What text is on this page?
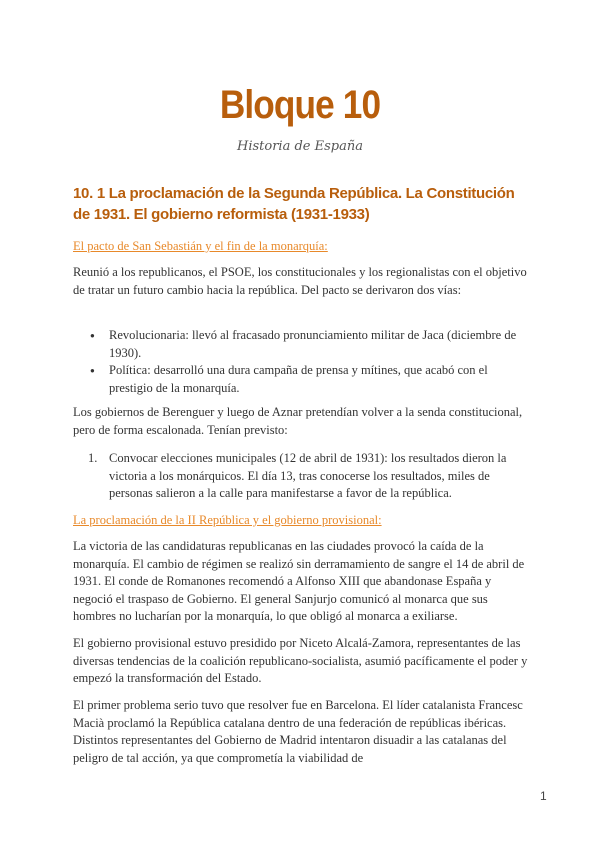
Bloque 10
Historia de España
10. 1 La proclamación de la Segunda República. La Constitución de 1931. El gobierno reformista (1931-1933)
El pacto de San Sebastián y el fin de la monarquía:

Reunió a los republicanos, el PSOE, los constitucionales y los regionalistas con el objetivo de tratar un futuro cambio hacia la república. Del pacto se derivaron dos vías:

● Revolucionaria: llevó al fracasado pronunciamiento militar de Jaca (diciembre de 1930).
● Política: desarrolló una dura campaña de prensa y mítines, que acabó con el prestigio de la monarquía.

Los gobiernos de Berenguer y luego de Aznar pretendían volver a la senda constitucional, pero de forma escalonada. Tenían previsto:

1. Convocar elecciones municipales (12 de abril de 1931): los resultados dieron la victoria a los monárquicos. El día 13, tras conocerse los resultados, miles de personas salieron a la calle para manifestarse a favor de la república.
La proclamación de la II República y el gobierno provisional:

La victoria de las candidaturas republicanas en las ciudades provocó la caída de la monarquía. El cambio de régimen se realizó sin derramamiento de sangre el 14 de abril de 1931. El conde de Romanones recomendó a Alfonso XIII que abandonase España y negoció el traspaso de Gobierno. El general Sanjurjo comunicó al monarca que sus hombres no lucharían por la monarquía, lo que obligó al monarca a exiliarse.

El gobierno provisional estuvo presidido por Niceto Alcalá-Zamora, representantes de las diversas tendencias de la coalición republicano-socialista, asumió pacíficamente el poder y empezó la transformación del Estado.

El primer problema serio tuvo que resolver fue en Barcelona. El líder catalanista Francesc Macià proclamó la República catalana dentro de una federación de repúblicas ibéricas. Distintos representantes del Gobierno de Madrid intentaron disuadir a las catalanas del peligro de tal acción, ya que comprometía la viabilidad de

1
